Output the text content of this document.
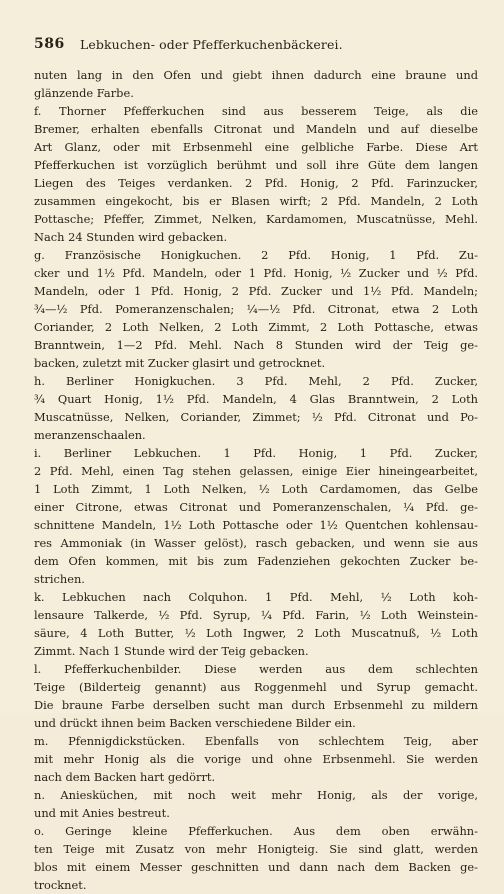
586 Lebkuchen- oder Pfefferkuchenbäckerei.
nuten lang in den Ofen und giebt ihnen dadurch eine braune und
glänzende Farbe.
f. Thorner Pfefferkuchen sind aus besserem Teige, als die
Bremer, erhalten ebenfalls Citronat und Mandeln und auf dieselbe
Art Glanz, oder mit Erbsenmehl eine gelbliche Farbe. Diese Art
Pfefferkuchen ist vorzüglich berühmt und soll ihre Güte dem langen
Liegen des Teiges verdanken. 2 Pfd. Honig, 2 Pfd. Farinzucker,
zusammen eingekocht, bis er Blasen wirft; 2 Pfd. Mandeln, 2 Loth
Pottasche; Pfeffer, Zimmet, Nelken, Kardamomen, Muscatnüsse, Mehl.
Nach 24 Stunden wird gebacken.
g. Französische Honigkuchen. 2 Pfd. Honig, 1 Pfd. Zu-
cker und 1½ Pfd. Mandeln, oder 1 Pfd. Honig, ½ Zucker und ½ Pfd.
Mandeln, oder 1 Pfd. Honig, 2 Pfd. Zucker und 1½ Pfd. Mandeln;
¾—½ Pfd. Pomeranzenschalen; ¼—½ Pfd. Citronat, etwa 2 Loth
Coriander, 2 Loth Nelken, 2 Loth Zimmt, 2 Loth Pottasche, etwas
Branntwein, 1—2 Pfd. Mehl. Nach 8 Stunden wird der Teig ge-
backen, zuletzt mit Zucker glasirt und getrocknet.
h. Berliner Honigkuchen. 3 Pfd. Mehl, 2 Pfd. Zucker,
¾ Quart Honig, 1½ Pfd. Mandeln, 4 Glas Branntwein, 2 Loth
Muscatnüsse, Nelken, Coriander, Zimmet; ½ Pfd. Citronat und Po-
meranzenschaalen.
i. Berliner Lebkuchen. 1 Pfd. Honig, 1 Pfd. Zucker,
2 Pfd. Mehl, einen Tag stehen gelassen, einige Eier hineingearbeitet,
1 Loth Zimmt, 1 Loth Nelken, ½ Loth Cardamomen, das Gelbe
einer Citrone, etwas Citronat und Pomeranzenschalen, ¼ Pfd. ge-
schnittene Mandeln, 1½ Loth Pottasche oder 1½ Quentchen kohlensau-
res Ammoniak (in Wasser gelöst), rasch gebacken, und wenn sie aus
dem Ofen kommen, mit bis zum Fadenziehen gekochten Zucker be-
strichen.
k. Lebkuchen nach Colquhon. 1 Pfd. Mehl, ½ Loth koh-
lensaure Talkerde, ½ Pfd. Syrup, ¼ Pfd. Farin, ½ Loth Weinstein-
säure, 4 Loth Butter, ½ Loth Ingwer, 2 Loth Muscatnuß, ½ Loth
Zimmt. Nach 1 Stunde wird der Teig gebacken.
l. Pfefferkuchenbilder. Diese werden aus dem schlechten
Teige (Bilderteig genannt) aus Roggenmehl und Syrup gemacht.
Die braune Farbe derselben sucht man durch Erbsenmehl zu mildern
und drückt ihnen beim Backen verschiedene Bilder ein.
m. Pfennigdickstücken. Ebenfalls von schlechtem Teig, aber
mit mehr Honig als die vorige und ohne Erbsenmehl. Sie werden
nach dem Backen hart gedörrt.
n. Aniesküchen, mit noch weit mehr Honig, als der vorige,
und mit Anies bestreut.
o. Geringe kleine Pfefferkuchen. Aus dem oben erwähn-
ten Teige mit Zusatz von mehr Honigteig. Sie sind glatt, werden
blos mit einem Messer geschnitten und dann nach dem Backen ge-
trocknet.
